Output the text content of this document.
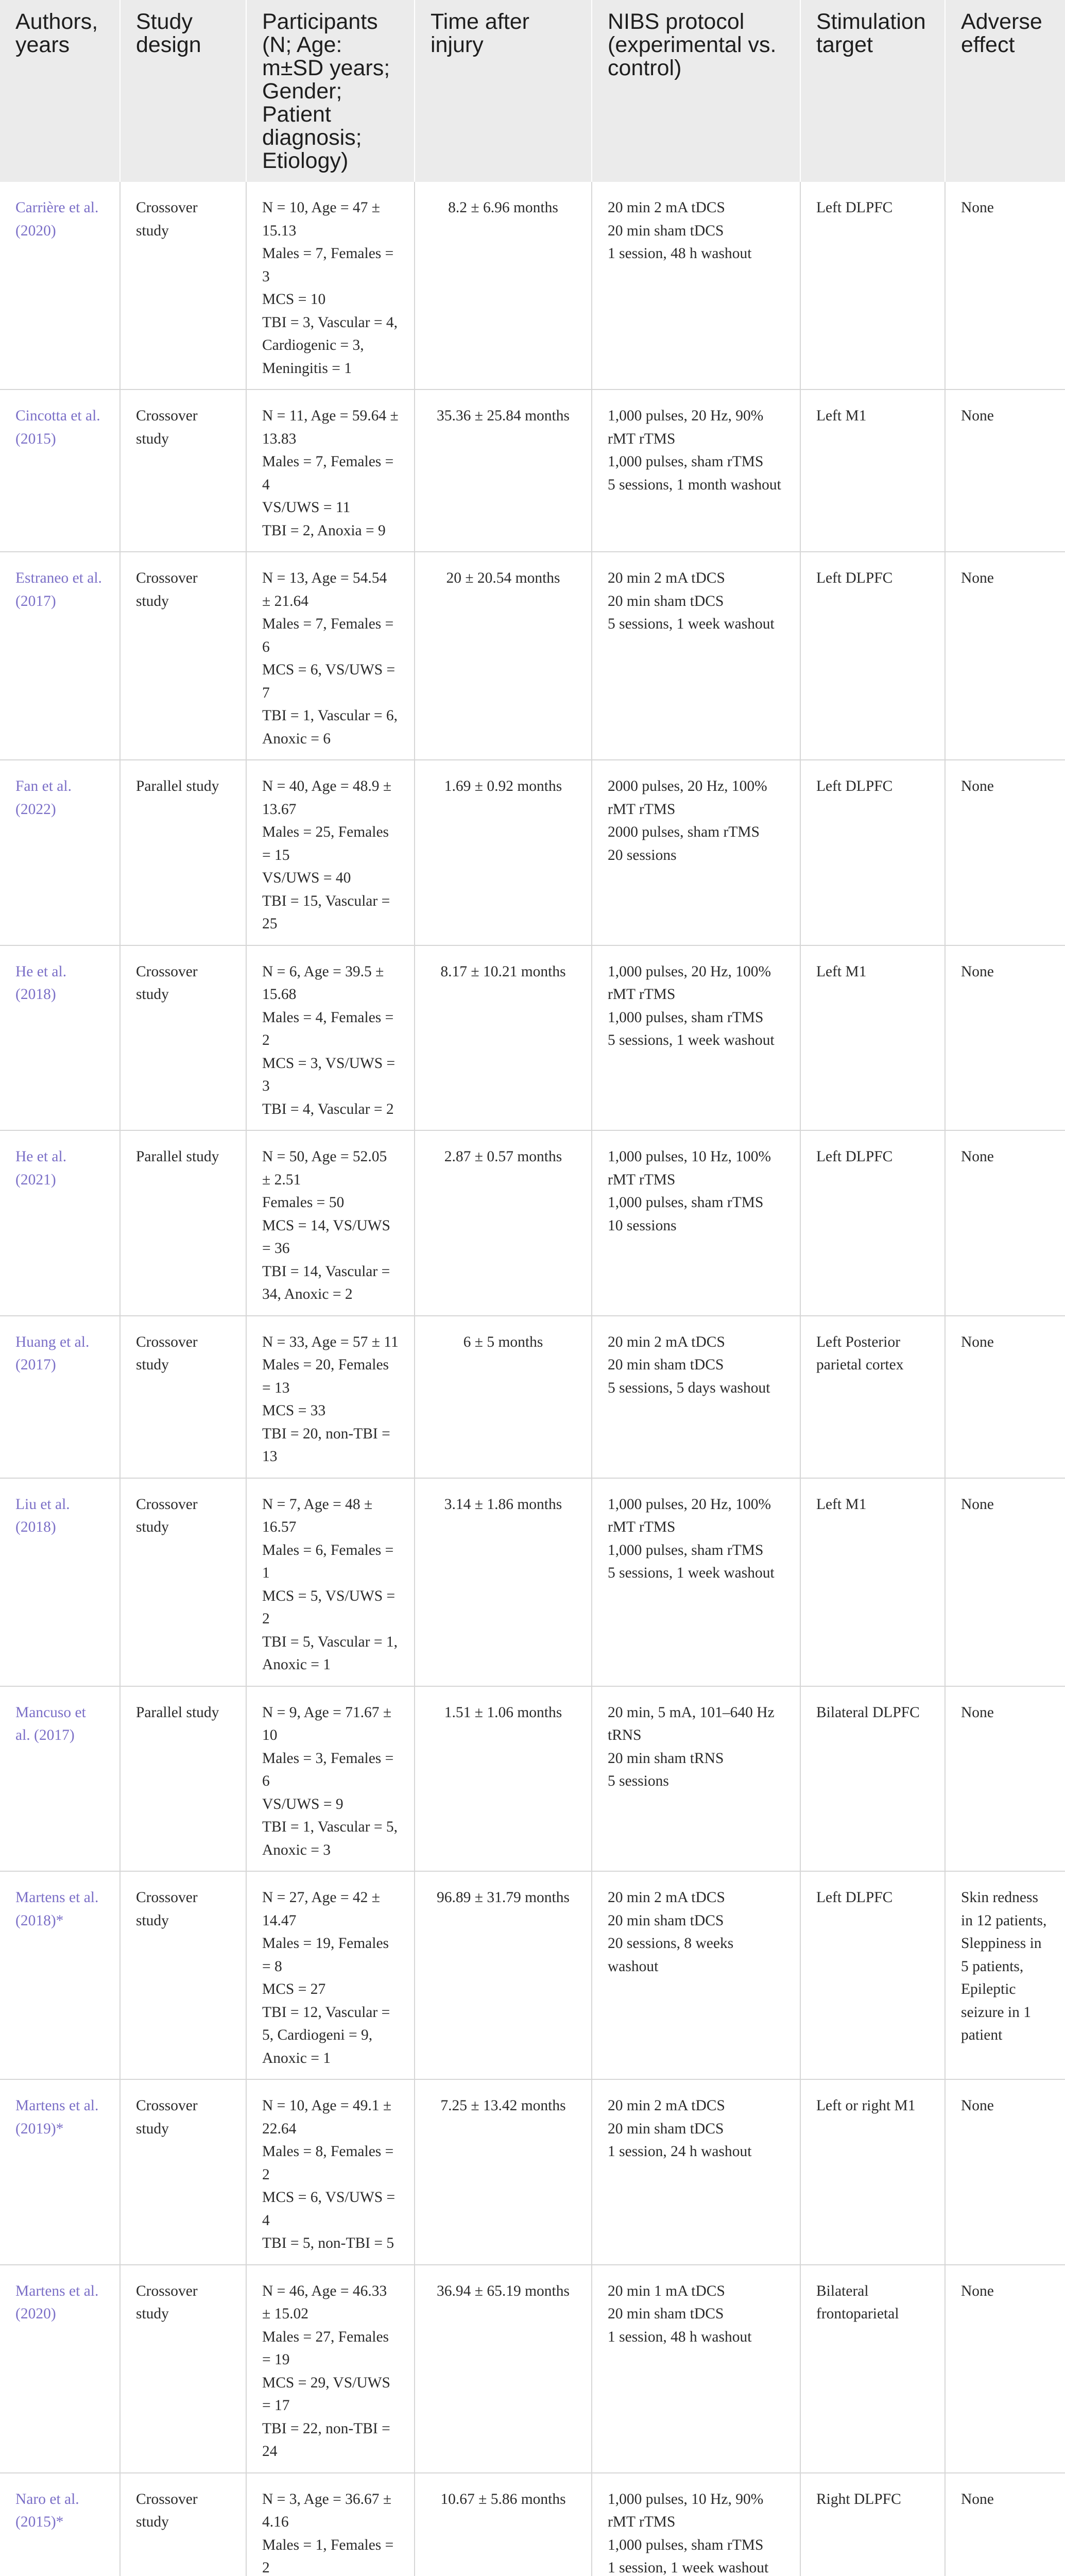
Authors, years	Study design	Participants (N; Age: m±SD years; Gender; Patient diagnosis; Etiology)	Time after injury	NIBS protocol (experimental vs. control)	Stimulation target	Adverse effect
Carrière et al. (2020)	Crossover study	N = 10, Age = 47 ± 15.13
Males = 7, Females = 3
MCS = 10
TBI = 3, Vascular = 4, Cardiogenic = 3, Meningitis = 1	8.2 ± 6.96 months	20 min 2 mA tDCS
20 min sham tDCS
1 session, 48 h washout	Left DLPFC	None

Cincotta et al. (2015)	Crossover study	N = 11, Age = 59.64 ± 13.83
Males = 7, Females = 4
VS/UWS = 11
TBI = 2, Anoxia = 9	35.36 ± 25.84 months	1,000 pulses, 20 Hz, 90% rMT rTMS
1,000 pulses, sham rTMS
5 sessions, 1 month washout	Left M1	None

Estraneo et al. (2017)	Crossover study	N = 13, Age = 54.54 ± 21.64
Males = 7, Females = 6
MCS = 6, VS/UWS = 7
TBI = 1, Vascular = 6, Anoxic = 6	20 ± 20.54 months	20 min 2 mA tDCS
20 min sham tDCS
5 sessions, 1 week washout	Left DLPFC	None

Fan et al. (2022)	Parallel study	N = 40, Age = 48.9 ± 13.67
Males = 25, Females = 15
VS/UWS = 40
TBI = 15, Vascular = 25	1.69 ± 0.92 months	2000 pulses, 20 Hz, 100% rMT rTMS
2000 pulses, sham rTMS
20 sessions	Left DLPFC	None

He et al. (2018)	Crossover study	N = 6, Age = 39.5 ± 15.68
Males = 4, Females = 2
MCS = 3, VS/UWS = 3
TBI = 4, Vascular = 2	8.17 ± 10.21 months	1,000 pulses, 20 Hz, 100% rMT rTMS
1,000 pulses, sham rTMS
5 sessions, 1 week washout	Left M1	None

He et al. (2021)	Parallel study	N = 50, Age = 52.05 ± 2.51
Females = 50
MCS = 14, VS/UWS = 36
TBI = 14, Vascular = 34, Anoxic = 2	2.87 ± 0.57 months	1,000 pulses, 10 Hz, 100% rMT rTMS
1,000 pulses, sham rTMS
10 sessions	Left DLPFC	None

Huang et al. (2017)	Crossover study	N = 33, Age = 57 ± 11
Males = 20, Females = 13
MCS = 33
TBI = 20, non-TBI = 13	6 ± 5 months	20 min 2 mA tDCS
20 min sham tDCS
5 sessions, 5 days washout	Left Posterior parietal cortex	None

Liu et al. (2018)	Crossover study	N = 7, Age = 48 ± 16.57
Males = 6, Females = 1
MCS = 5, VS/UWS = 2
TBI = 5, Vascular = 1, Anoxic = 1	3.14 ± 1.86 months	1,000 pulses, 20 Hz, 100% rMT rTMS
1,000 pulses, sham rTMS
5 sessions, 1 week washout	Left M1	None

Mancuso et al. (2017)	Parallel study	N = 9, Age = 71.67 ± 10
Males = 3, Females = 6
VS/UWS = 9
TBI = 1, Vascular = 5, Anoxic = 3	1.51 ± 1.06 months	20 min, 5 mA, 101–640 Hz tRNS
20 min sham tRNS
5 sessions	Bilateral DLPFC	None

Martens et al. (2018)*	Crossover study	N = 27, Age = 42 ± 14.47
Males = 19, Females = 8
MCS = 27
TBI = 12, Vascular = 5, Cardiogeni = 9, Anoxic = 1	96.89 ± 31.79 months	20 min 2 mA tDCS
20 min sham tDCS
20 sessions, 8 weeks washout	Left DLPFC	Skin redness in 12 patients,
Sleppiness in 5 patients,
Epileptic seizure in 1 patient

Martens et al. (2019)*	Crossover study	N = 10, Age = 49.1 ± 22.64
Males = 8, Females = 2
MCS = 6, VS/UWS = 4
TBI = 5, non-TBI = 5	7.25 ± 13.42 months	20 min 2 mA tDCS
20 min sham tDCS
1 session, 24 h washout	Left or right M1	None

Martens et al. (2020)	Crossover study	N = 46, Age = 46.33 ± 15.02
Males = 27, Females = 19
MCS = 29, VS/UWS = 17
TBI = 22, non-TBI = 24	36.94 ± 65.19 months	20 min 1 mA tDCS
20 min sham tDCS
1 session, 48 h washout	Bilateral frontoparietal	None

Naro et al. (2015)*	Crossover study	N = 3, Age = 36.67 ± 4.16
Males = 1, Females = 2	10.67 ± 5.86 months	1,000 pulses, 10 Hz, 90% rMT rTMS
1,000 pulses, sham rTMS
1 session, 1 week washout	Right DLPFC	None
